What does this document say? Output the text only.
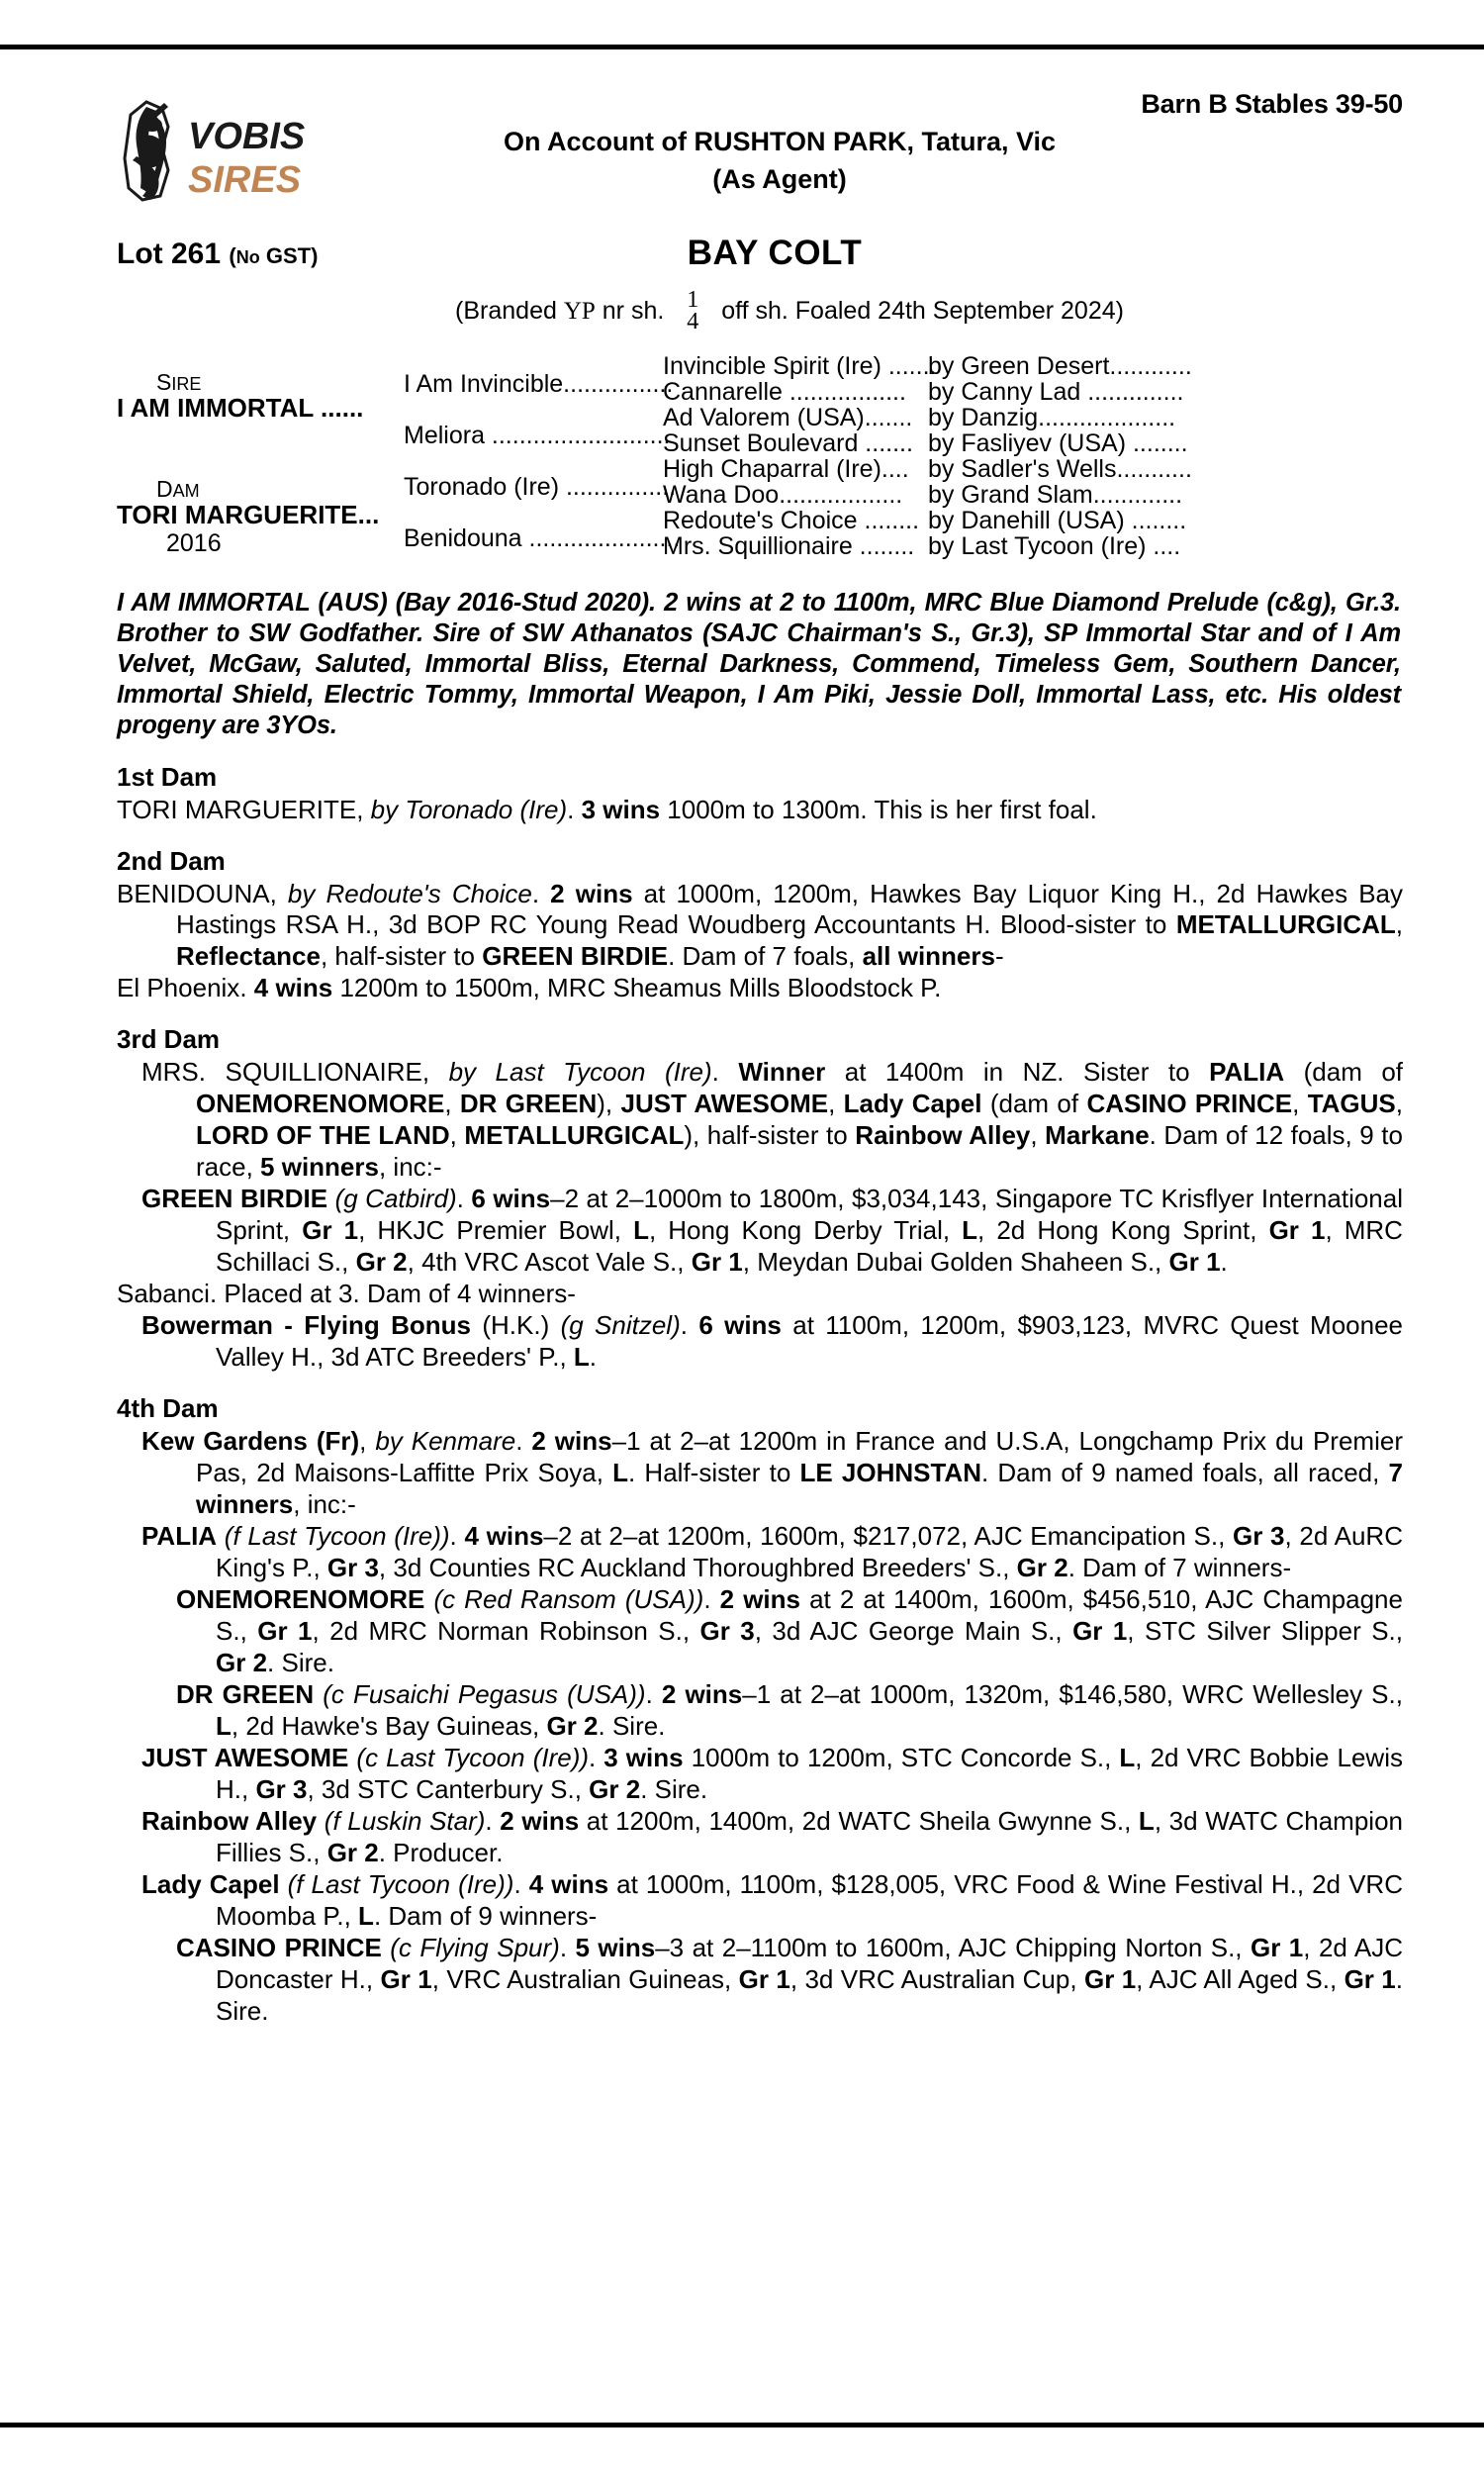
VOBIS
SIRES
Barn B Stables 39-50
On Account of RUSHTON PARK, Tatura, Vic
(As Agent)
Lot 261 (No GST)	BAY COLT
(Branded YP nr sh. 1
4 off sh. Foaled 24th September 2024)
SIRE
I AM IMMORTAL ......
DAM
TORI MARGUERITE...
2016
I Am Invincible................
Meliora ..........................
Toronado (Ire) ................
Benidouna ......................
Invincible Spirit (Ire) .......
Cannarelle .................
Ad Valorem (USA).......
Sunset Boulevard .......
High Chaparral (Ire)....
Wana Doo..................
Redoute's Choice ........
Mrs. Squillionaire ........
by Green Desert............
by Canny Lad ..............
by Danzig....................
by Fasliyev (USA) ........
by Sadler's Wells...........
by Grand Slam.............
by Danehill (USA) ........
by Last Tycoon (Ire) ....
I AM IMMORTAL (AUS) (Bay 2016-Stud 2020). 2 wins at 2 to 1100m, MRC Blue Diamond Prelude (c&g), Gr.3. Brother to SW Godfather. Sire of SW Athanatos (SAJC Chairman's S., Gr.3), SP Immortal Star and of I Am Velvet, McGaw, Saluted, Immortal Bliss, Eternal Darkness, Commend, Timeless Gem, Southern Dancer, Immortal Shield, Electric Tommy, Immortal Weapon, I Am Piki, Jessie Doll, Immortal Lass, etc. His oldest progeny are 3YOs.
1st Dam

TORI MARGUERITE, by Toronado (Ire). 3 wins 1000m to 1300m. This is her first foal.

2nd Dam

BENIDOUNA, by Redoute's Choice. 2 wins at 1000m, 1200m, Hawkes Bay Liquor King H., 2d Hawkes Bay Hastings RSA H., 3d BOP RC Young Read Woudberg Accountants H. Blood-sister to METALLURGICAL, Reflectance, half-sister to GREEN BIRDIE. Dam of 7 foals, all winners-

El Phoenix. 4 wins 1200m to 1500m, MRC Sheamus Mills Bloodstock P.

3rd Dam

MRS. SQUILLIONAIRE, by Last Tycoon (Ire). Winner at 1400m in NZ. Sister to PALIA (dam of ONEMORENOMORE, DR GREEN), JUST AWESOME, Lady Capel (dam of CASINO PRINCE, TAGUS, LORD OF THE LAND, METALLURGICAL), half-sister to Rainbow Alley, Markane. Dam of 12 foals, 9 to race, 5 winners, inc:-

GREEN BIRDIE (g Catbird). 6 wins–2 at 2–1000m to 1800m, $3,034,143, Singapore TC Krisflyer International Sprint, Gr 1, HKJC Premier Bowl, L, Hong Kong Derby Trial, L, 2d Hong Kong Sprint, Gr 1, MRC Schillaci S., Gr 2, 4th VRC Ascot Vale S., Gr 1, Meydan Dubai Golden Shaheen S., Gr 1.

Sabanci. Placed at 3. Dam of 4 winners-

Bowerman - Flying Bonus (H.K.) (g Snitzel). 6 wins at 1100m, 1200m, $903,123, MVRC Quest Moonee Valley H., 3d ATC Breeders' P., L.

4th Dam

Kew Gardens (Fr), by Kenmare. 2 wins–1 at 2–at 1200m in France and U.S.A, Longchamp Prix du Premier Pas, 2d Maisons-Laffitte Prix Soya, L. Half-sister to LE JOHNSTAN. Dam of 9 named foals, all raced, 7 winners, inc:-

PALIA (f Last Tycoon (Ire)). 4 wins–2 at 2–at 1200m, 1600m, $217,072, AJC Emancipation S., Gr 3, 2d AuRC King's P., Gr 3, 3d Counties RC Auckland Thoroughbred Breeders' S., Gr 2. Dam of 7 winners-

ONEMORENOMORE (c Red Ransom (USA)). 2 wins at 2 at 1400m, 1600m, $456,510, AJC Champagne S., Gr 1, 2d MRC Norman Robinson S., Gr 3, 3d AJC George Main S., Gr 1, STC Silver Slipper S., Gr 2. Sire.

DR GREEN (c Fusaichi Pegasus (USA)). 2 wins–1 at 2–at 1000m, 1320m, $146,580, WRC Wellesley S., L, 2d Hawke's Bay Guineas, Gr 2. Sire.

JUST AWESOME (c Last Tycoon (Ire)). 3 wins 1000m to 1200m, STC Concorde S., L, 2d VRC Bobbie Lewis H., Gr 3, 3d STC Canterbury S., Gr 2. Sire.

Rainbow Alley (f Luskin Star). 2 wins at 1200m, 1400m, 2d WATC Sheila Gwynne S., L, 3d WATC Champion Fillies S., Gr 2. Producer.

Lady Capel (f Last Tycoon (Ire)). 4 wins at 1000m, 1100m, $128,005, VRC Food & Wine Festival H., 2d VRC Moomba P., L. Dam of 9 winners-

CASINO PRINCE (c Flying Spur). 5 wins–3 at 2–1100m to 1600m, AJC Chipping Norton S., Gr 1, 2d AJC Doncaster H., Gr 1, VRC Australian Guineas, Gr 1, 3d VRC Australian Cup, Gr 1, AJC All Aged S., Gr 1. Sire.
